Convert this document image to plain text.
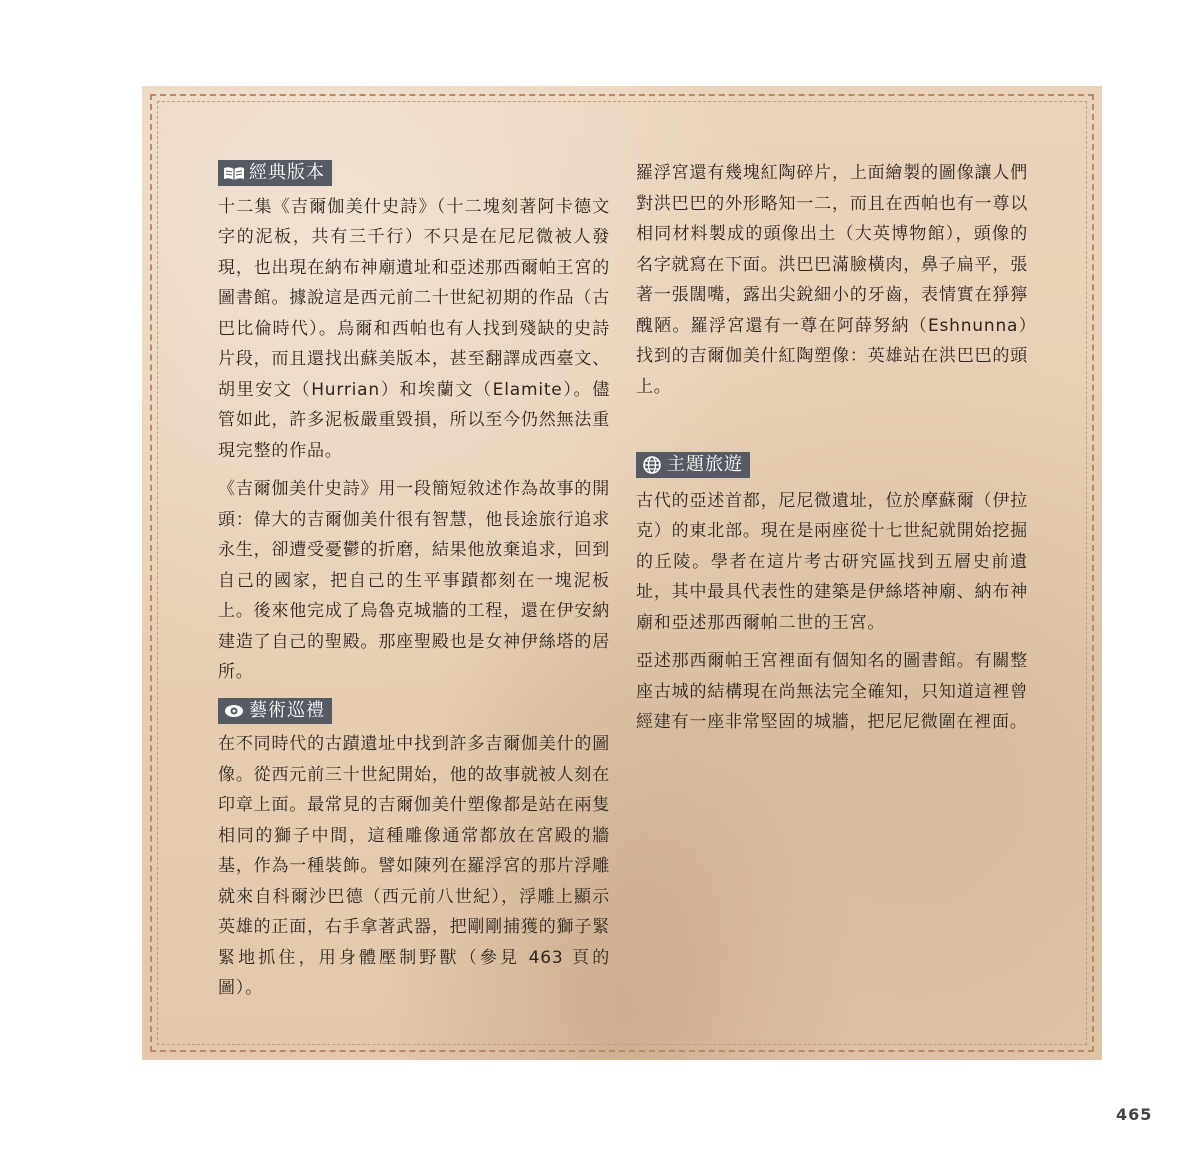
經典版本

十二集《吉爾伽美什史詩》（十二塊刻著阿卡德文字的泥板，共有三千行）不只是在尼尼微被人發現，也出現在納布神廟遺址和亞述那西爾帕王宮的圖書館。據說這是西元前二十世紀初期的作品（古巴比倫時代）。烏爾和西帕也有人找到殘缺的史詩片段，而且還找出蘇美版本，甚至翻譯成西臺文、胡里安文（Hurrian）和埃蘭文（Elamite）。儘管如此，許多泥板嚴重毀損，所以至今仍然無法重現完整的作品。

《吉爾伽美什史詩》用一段簡短敘述作為故事的開頭：偉大的吉爾伽美什很有智慧，他長途旅行追求永生，卻遭受憂鬱的折磨，結果他放棄追求，回到自己的國家，把自己的生平事蹟都刻在一塊泥板上。後來他完成了烏魯克城牆的工程，還在伊安納建造了自己的聖殿。那座聖殿也是女神伊絲塔的居所。

藝術巡禮

在不同時代的古蹟遺址中找到許多吉爾伽美什的圖像。從西元前三十世紀開始，他的故事就被人刻在印章上面。最常見的吉爾伽美什塑像都是站在兩隻相同的獅子中間，這種雕像通常都放在宮殿的牆基，作為一種裝飾。譬如陳列在羅浮宮的那片浮雕就來自科爾沙巴德（西元前八世紀），浮雕上顯示英雄的正面，右手拿著武器，把剛剛捕獲的獅子緊緊地抓住，用身體壓制野獸（參見 463 頁的圖）。

羅浮宮還有幾塊紅陶碎片，上面繪製的圖像讓人們對洪巴巴的外形略知一二，而且在西帕也有一尊以相同材料製成的頭像出土（大英博物館），頭像的名字就寫在下面。洪巴巴滿臉橫肉，鼻子扁平，張著一張闊嘴，露出尖銳細小的牙齒，表情實在猙獰醜陋。羅浮宮還有一尊在阿薛努納（Eshnunna）找到的吉爾伽美什紅陶塑像：英雄站在洪巴巴的頭上。

主題旅遊

古代的亞述首都，尼尼微遺址，位於摩蘇爾（伊拉克）的東北部。現在是兩座從十七世紀就開始挖掘的丘陵。學者在這片考古研究區找到五層史前遺址，其中最具代表性的建築是伊絲塔神廟、納布神廟和亞述那西爾帕二世的王宮。

亞述那西爾帕王宮裡面有個知名的圖書館。有關整座古城的結構現在尚無法完全確知，只知道這裡曾經建有一座非常堅固的城牆，把尼尼微圍在裡面。

465
